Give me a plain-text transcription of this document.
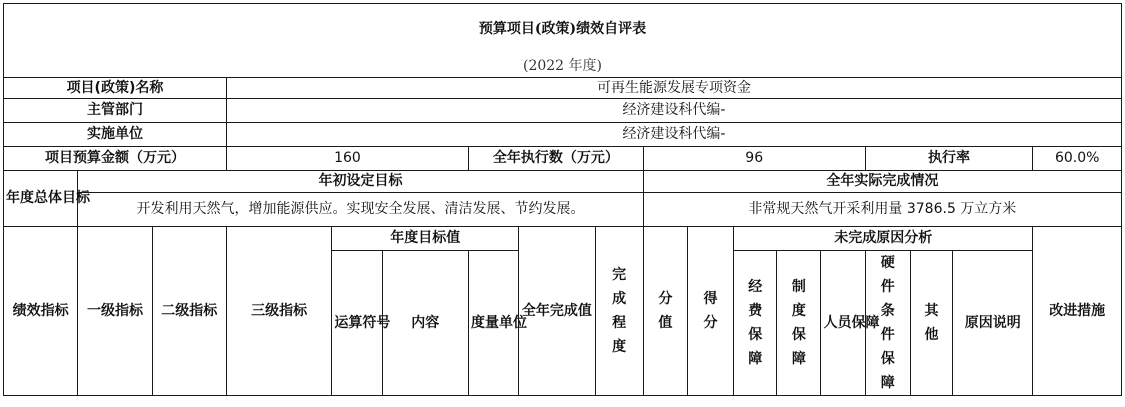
预算项目(政策)绩效自评表																	
(2022 年度)																	
项目(政策)名称			可再生能源发展专项资金														
主管部门			经济建设科代编-														
实施单位			经济建设科代编-														
项目预算金额（万元）			160			全年执行数（万元）			96					执行率			60.0%
年度总体目标	年初设定目标								全年实际完成情况								
	开发利用天然气，增加能源供应。实现安全发展、清洁发展、节约发展。								非常规天然气开采利用量 3786.5 万立方米								
绩效指标	一级指标	二级指标	三级指标	年度目标值			全年完成值	完成程度	分值	得分	未完成原因分析						改进措施
				运算符号	内容	度量单位					经费保障	制度保障	人员保障	硬件条件保障	其他	原因说明	
